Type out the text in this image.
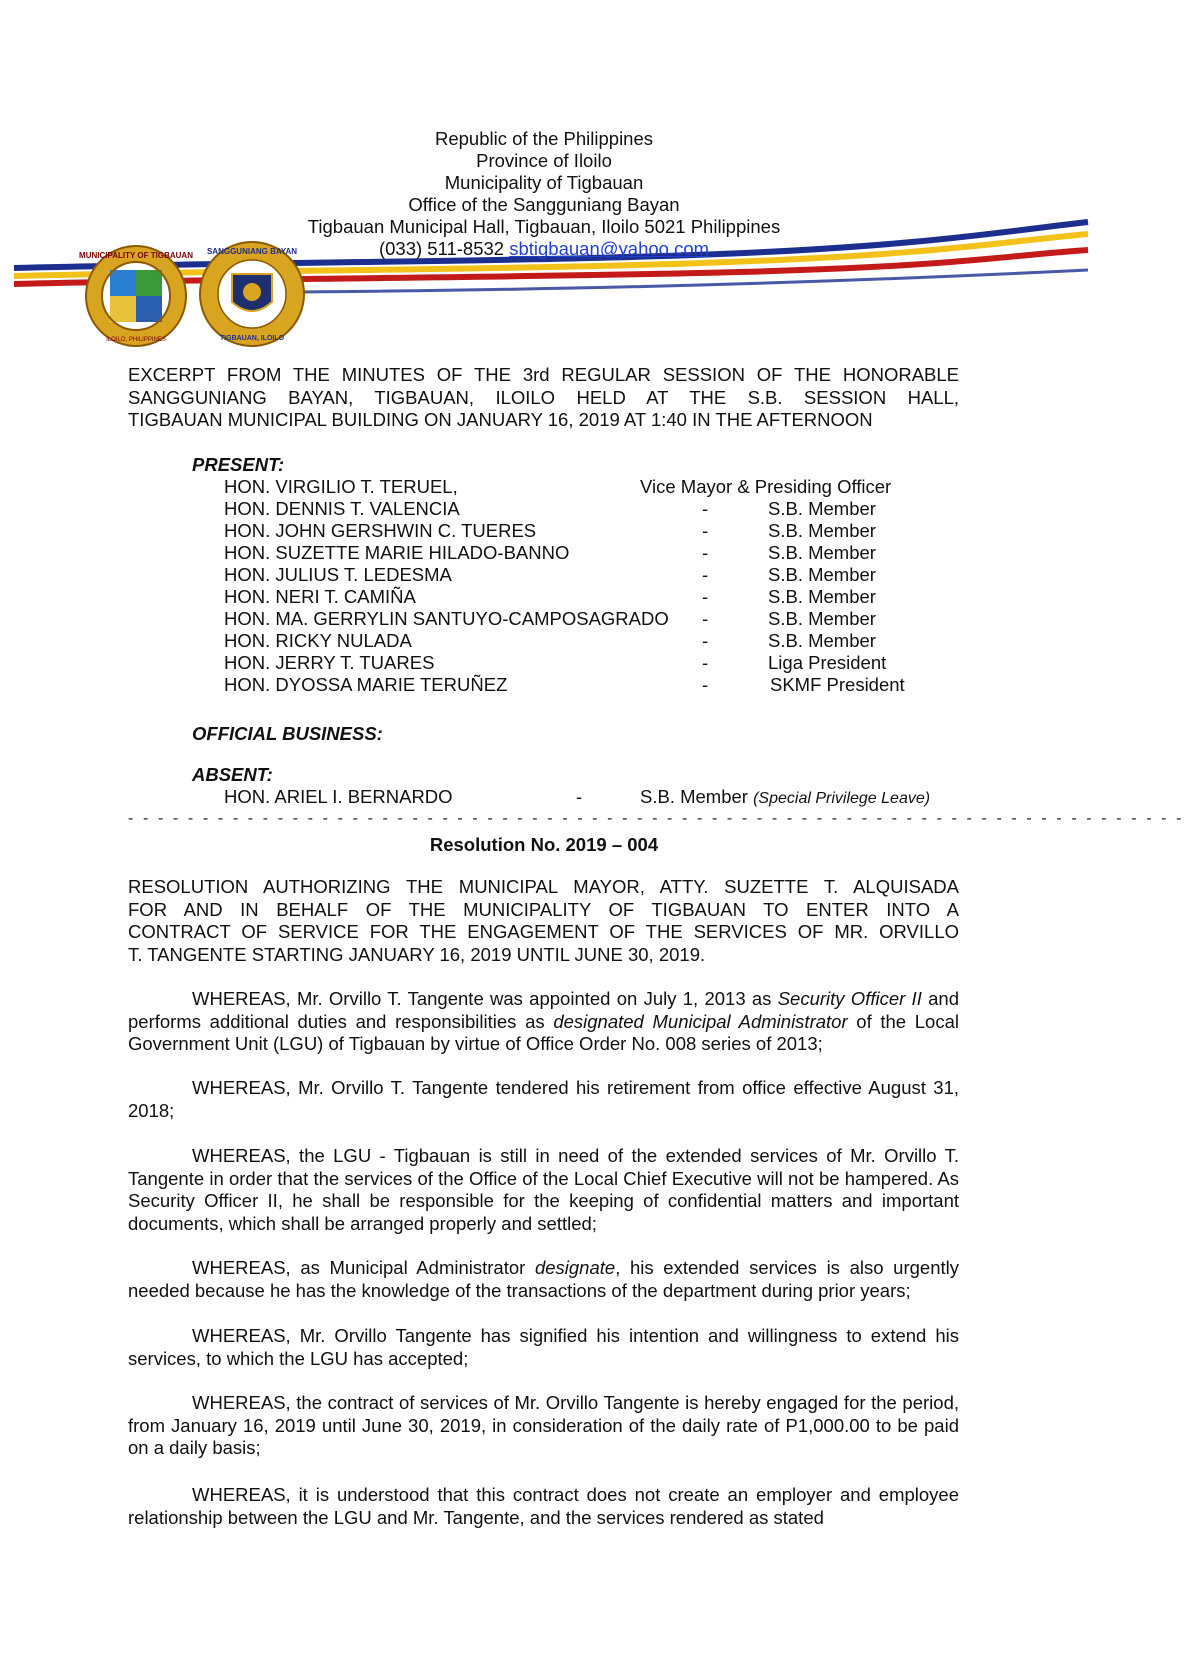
MUNICIPALITY OF TIGBAUAN
ILOILO, PHILIPPINES
SANGGUNIANG BAYAN
TIGBAUAN, ILOILO
Republic of the Philippines
Province of Iloilo
Municipality of Tigbauan
Office of the Sangguniang Bayan
Tigbauan Municipal Hall, Tigbauan, Iloilo 5021 Philippines
(033) 511-8532 sbtigbauan@yahoo.com
EXCERPT FROM THE MINUTES OF THE 3rd REGULAR SESSION OF THE HONORABLE
SANGGUNIANG BAYAN, TIGBAUAN, ILOILO HELD AT THE S.B. SESSION HALL,
TIGBAUAN MUNICIPAL BUILDING ON JANUARY 16, 2019 AT 1:40 IN THE AFTERNOON
PRESENT:
HON. VIRGILIO T. TERUEL,	Vice Mayor & Presiding Officer
HON. DENNIS T. VALENCIA	-	S.B. Member
HON. JOHN GERSHWIN C. TUERES	-	S.B. Member
HON. SUZETTE MARIE HILADO-BANNO	-	S.B. Member
HON. JULIUS T. LEDESMA	-	S.B. Member
HON. NERI T. CAMIÑA	-	S.B. Member
HON. MA. GERRYLIN SANTUYO-CAMPOSAGRADO -	S.B. Member
HON. RICKY NULADA	-	S.B. Member
HON. JERRY T. TUARES	-	Liga President
HON. DYOSSA MARIE TERUÑEZ	-	SKMF President
OFFICIAL BUSINESS:
ABSENT:
HON. ARIEL I. BERNARDO	-	S.B. Member (Special Privilege Leave)
- - - - - - - - - - - - - - - - - - - - - - - - - - - - - - - - - - - - - - - - - - - - - - - - - - - - - - - - - - - - - - - - - - - - - - -
Resolution No. 2019 – 004
RESOLUTION AUTHORIZING THE MUNICIPAL MAYOR, ATTY. SUZETTE T. ALQUISADA
FOR AND IN BEHALF OF THE MUNICIPALITY OF TIGBAUAN TO ENTER INTO A
CONTRACT OF SERVICE FOR THE ENGAGEMENT OF THE SERVICES OF MR. ORVILLO
T. TANGENTE STARTING JANUARY 16, 2019 UNTIL JUNE 30, 2019.
WHEREAS, Mr. Orvillo T. Tangente was appointed on July 1, 2013 as Security Officer II and performs additional duties and responsibilities as designated Municipal Administrator of the Local Government Unit (LGU) of Tigbauan by virtue of Office Order No. 008 series of 2013;
WHEREAS, Mr. Orvillo T. Tangente tendered his retirement from office effective August 31, 2018;
WHEREAS, the LGU - Tigbauan is still in need of the extended services of Mr. Orvillo T. Tangente in order that the services of the Office of the Local Chief Executive will not be hampered. As Security Officer II, he shall be responsible for the keeping of confidential matters and important documents, which shall be arranged properly and settled;
WHEREAS, as Municipal Administrator designate, his extended services is also urgently needed because he has the knowledge of the transactions of the department during prior years;
WHEREAS, Mr. Orvillo Tangente has signified his intention and willingness to extend his services, to which the LGU has accepted;
WHEREAS, the contract of services of Mr. Orvillo Tangente is hereby engaged for the period, from January 16, 2019 until June 30, 2019, in consideration of the daily rate of P1,000.00 to be paid on a daily basis;
WHEREAS, it is understood that this contract does not create an employer and employee relationship between the LGU and Mr. Tangente, and the services rendered as stated
